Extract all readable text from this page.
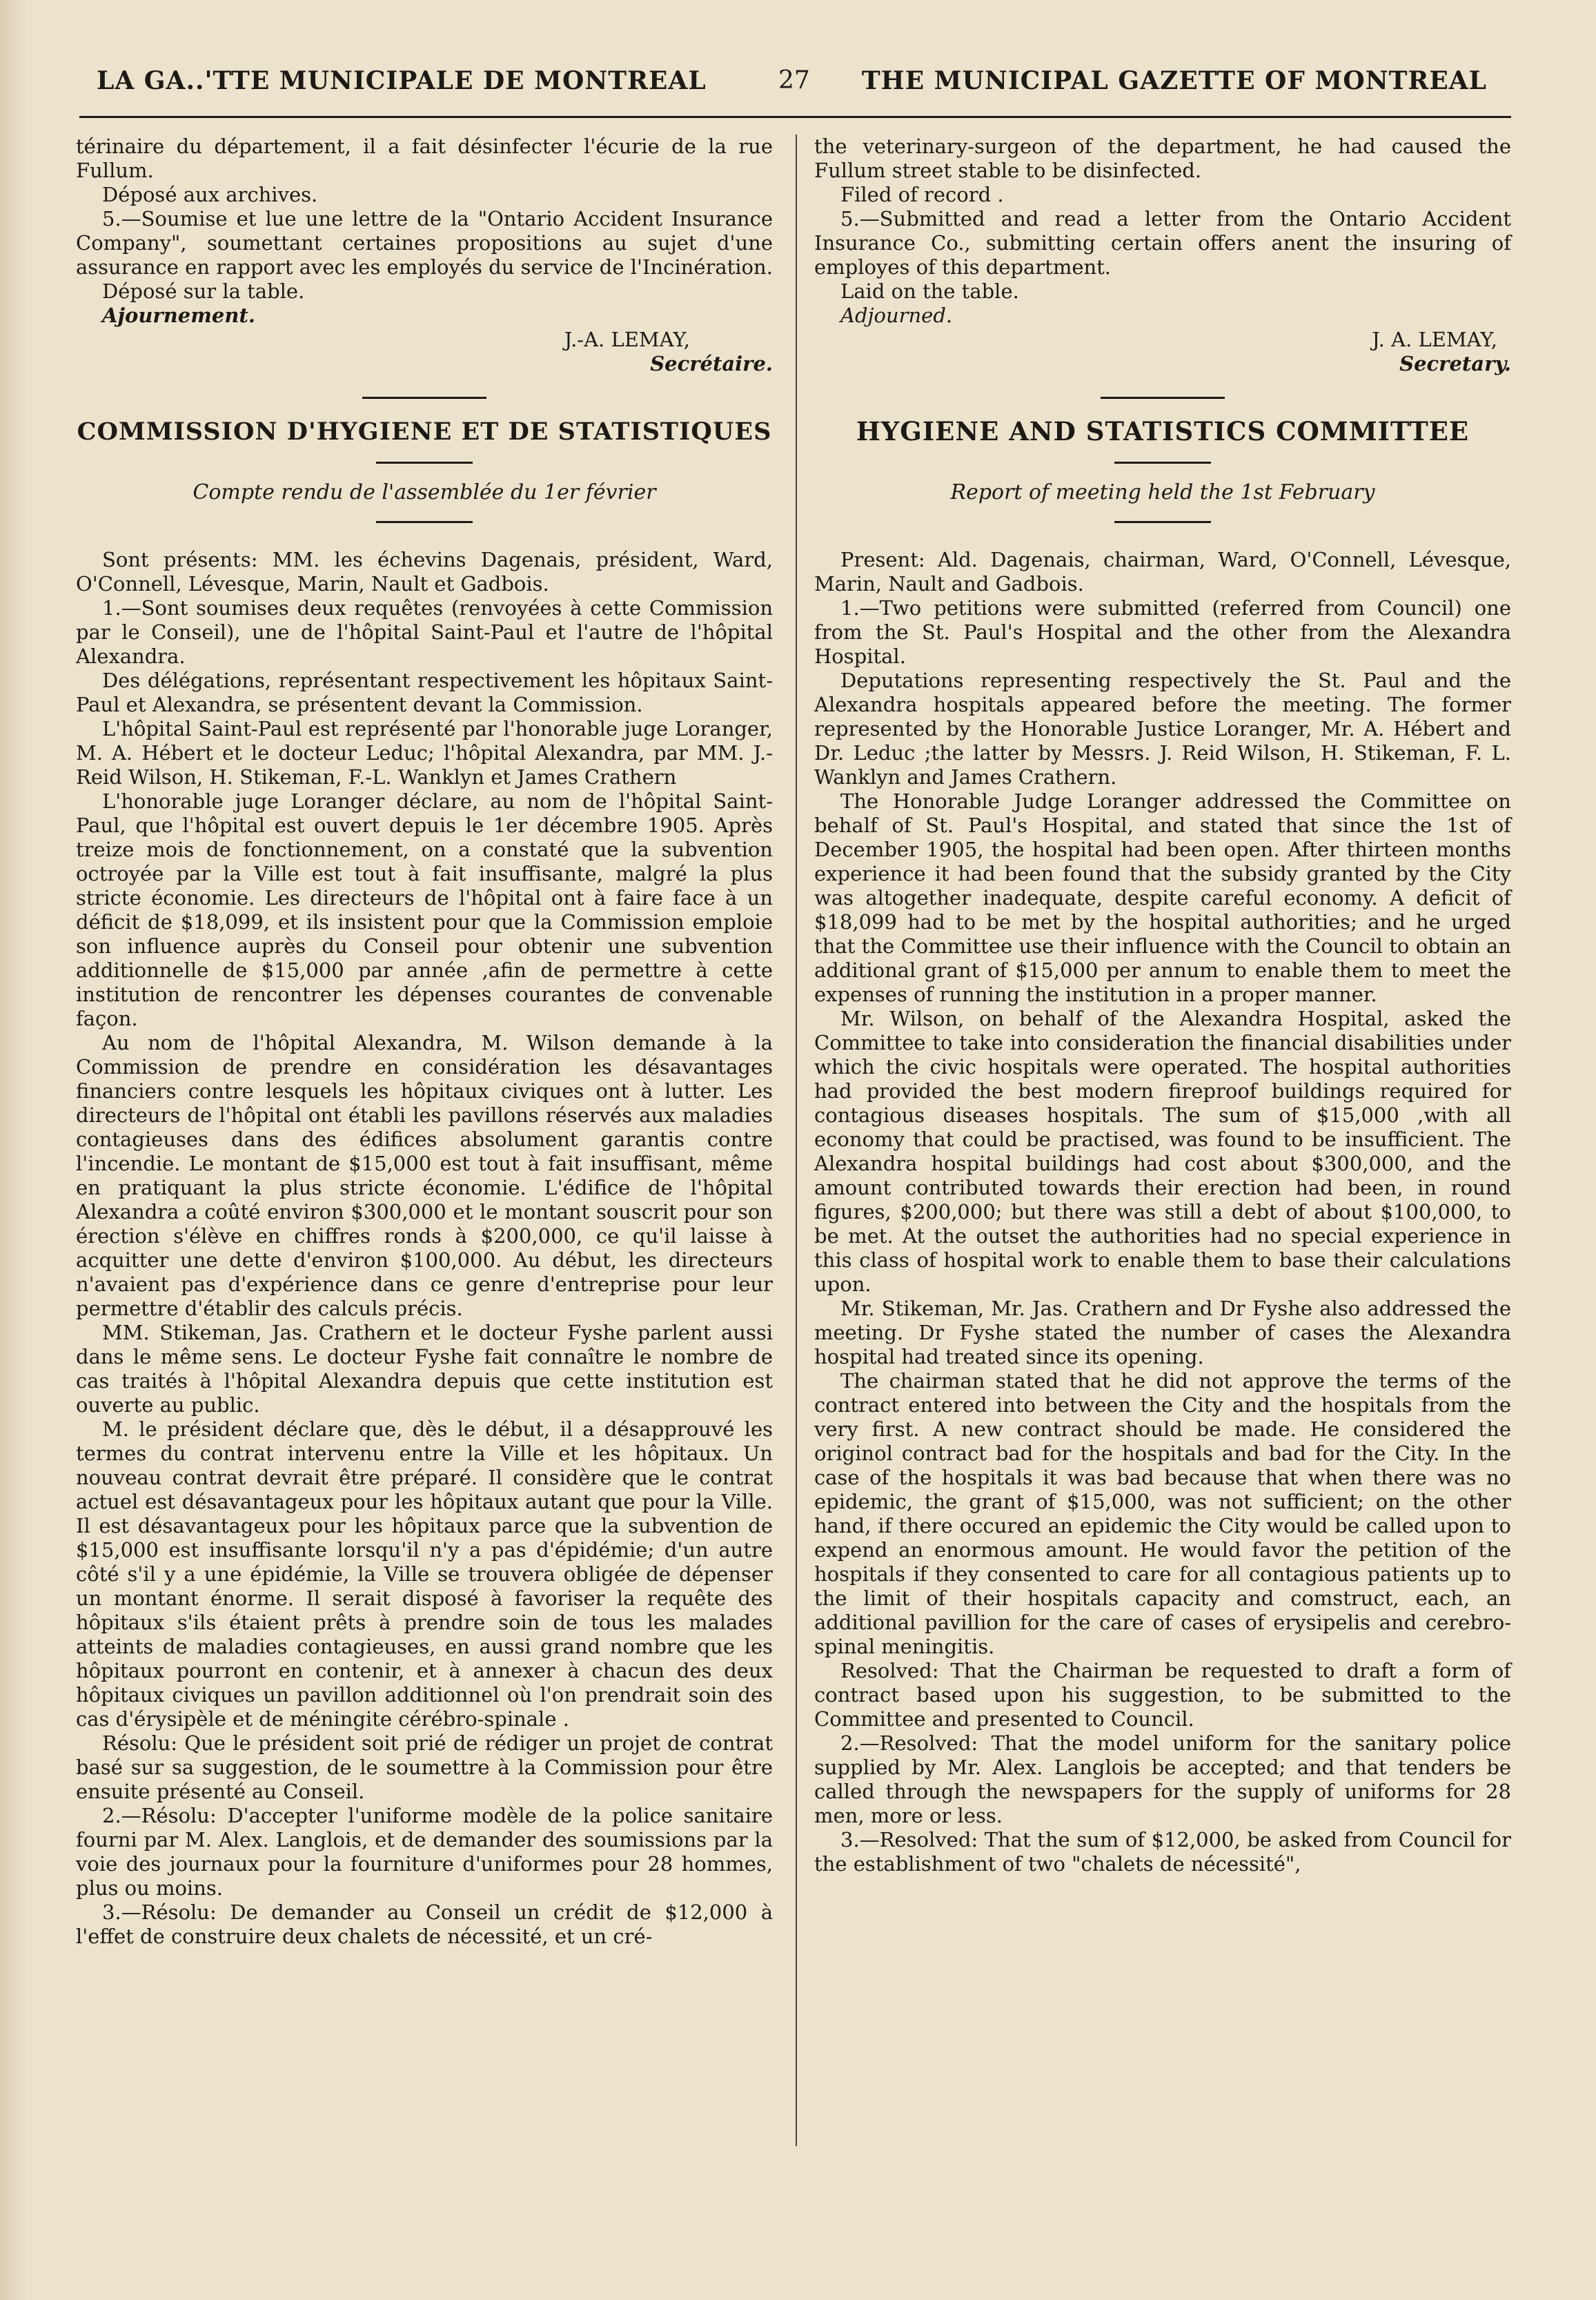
LA GA..'TTE MUNICIPALE DE MONTREAL	27 THE MUNICIPAL GAZETTE OF MONTREAL

térinaire du département, il a fait désinfecter l'écurie de la rue Fullum.

Déposé aux archives.

5.—Soumise et lue une lettre de la "Ontario Accident Insurance Company", soumettant certaines propositions au sujet d'une assurance en rapport avec les employés du service de l'Incinération.

Déposé sur la table.

Ajournement.

J.-A. LEMAY,
Secrétaire.
COMMISSION D'HYGIENE ET DE STATISTIQUES
Compte rendu de l'assemblée du 1er février

Sont présents: MM. les échevins Dagenais, président, Ward, O'Connell, Lévesque, Marin, Nault et Gadbois.

1.—Sont soumises deux requêtes (renvoyées à cette Commission par le Conseil), une de l'hôpital Saint-Paul et l'autre de l'hôpital Alexandra.

Des délégations, représentant respectivement les hôpitaux Saint-Paul et Alexandra, se présentent devant la Commission.

L'hôpital Saint-Paul est représenté par l'honorable juge Loranger, M. A. Hébert et le docteur Leduc; l'hôpital Alexandra, par MM. J.-Reid Wilson, H. Stikeman, F.-L. Wanklyn et James Crathern

L'honorable juge Loranger déclare, au nom de l'hôpital Saint-Paul, que l'hôpital est ouvert depuis le 1er décembre 1905. Après treize mois de fonctionnement, on a constaté que la subvention octroyée par la Ville est tout à fait insuffisante, malgré la plus stricte économie. Les directeurs de l'hôpital ont à faire face à un déficit de $18,099, et ils insistent pour que la Commission emploie son influence auprès du Conseil pour obtenir une subvention additionnelle de $15,000 par année ,afin de permettre à cette institution de rencontrer les dépenses courantes de convenable façon.

Au nom de l'hôpital Alexandra, M. Wilson demande à la Commission de prendre en considération les désavantages financiers contre lesquels les hôpitaux civiques ont à lutter. Les directeurs de l'hôpital ont établi les pavillons réservés aux maladies contagieuses dans des édifices absolument garantis contre l'incendie. Le montant de $15,000 est tout à fait insuffisant, même en pratiquant la plus stricte économie. L'édifice de l'hôpital Alexandra a coûté environ $300,000 et le montant souscrit pour son érection s'élève en chiffres ronds à $200,000, ce qu'il laisse à acquitter une dette d'environ $100,000. Au début, les directeurs n'avaient pas d'expérience dans ce genre d'entreprise pour leur permettre d'établir des calculs précis.

MM. Stikeman, Jas. Crathern et le docteur Fyshe parlent aussi dans le même sens. Le docteur Fyshe fait connaître le nombre de cas traités à l'hôpital Alexandra depuis que cette institution est ouverte au public.

M. le président déclare que, dès le début, il a désapprouvé les termes du contrat intervenu entre la Ville et les hôpitaux. Un nouveau contrat devrait être préparé. Il considère que le contrat actuel est désavantageux pour les hôpitaux autant que pour la Ville. Il est désavantageux pour les hôpitaux parce que la subvention de $15,000 est insuffisante lorsqu'il n'y a pas d'épidémie; d'un autre côté s'il y a une épidémie, la Ville se trouvera obligée de dépenser un montant énorme. Il serait disposé à favoriser la requête des hôpitaux s'ils étaient prêts à prendre soin de tous les malades atteints de maladies contagieuses, en aussi grand nombre que les hôpitaux pourront en contenir, et à annexer à chacun des deux hôpitaux civiques un pavillon additionnel où l'on prendrait soin des cas d'érysipèle et de méningite cérébro-spinale .

Résolu: Que le président soit prié de rédiger un projet de contrat basé sur sa suggestion, de le soumettre à la Commission pour être ensuite présenté au Conseil.

2.—Résolu: D'accepter l'uniforme modèle de la police sanitaire fourni par M. Alex. Langlois, et de demander des soumissions par la voie des journaux pour la fourniture d'uniformes pour 28 hommes, plus ou moins.

3.—Résolu: De demander au Conseil un crédit de $12,000 à l'effet de construire deux chalets de nécessité, et un cré-

the veterinary-surgeon of the department, he had caused the Fullum street stable to be disinfected.

Filed of record .

5.—Submitted and read a letter from the Ontario Accident Insurance Co., submitting certain offers anent the insuring of employes of this department.

Laid on the table.

Adjourned.

J. A. LEMAY,
Secretary.
HYGIENE AND STATISTICS COMMITTEE
Report of meeting held the 1st February

Present: Ald. Dagenais, chairman, Ward, O'Connell, Lévesque, Marin, Nault and Gadbois.

1.—Two petitions were submitted (referred from Council) one from the St. Paul's Hospital and the other from the Alexandra Hospital.

Deputations representing respectively the St. Paul and the Alexandra hospitals appeared before the meeting. The former represented by the Honorable Justice Loranger, Mr. A. Hébert and Dr. Leduc ;the latter by Messrs. J. Reid Wilson, H. Stikeman, F. L. Wanklyn and James Crathern.

The Honorable Judge Loranger addressed the Committee on behalf of St. Paul's Hospital, and stated that since the 1st of December 1905, the hospital had been open. After thirteen months experience it had been found that the subsidy granted by the City was altogether inadequate, despite careful economy. A deficit of $18,099 had to be met by the hospital authorities; and he urged that the Committee use their influence with the Council to obtain an additional grant of $15,000 per annum to enable them to meet the expenses of running the institution in a proper manner.

Mr. Wilson, on behalf of the Alexandra Hospital, asked the Committee to take into consideration the financial disabilities under which the civic hospitals were operated. The hospital authorities had provided the best modern fireproof buildings required for contagious diseases hospitals. The sum of $15,000 ,with all economy that could be practised, was found to be insufficient. The Alexandra hospital buildings had cost about $300,000, and the amount contributed towards their erection had been, in round figures, $200,000; but there was still a debt of about $100,000, to be met. At the outset the authorities had no special experience in this class of hospital work to enable them to base their calculations upon.

Mr. Stikeman, Mr. Jas. Crathern and Dr Fyshe also addressed the meeting. Dr Fyshe stated the number of cases the Alexandra hospital had treated since its opening.

The chairman stated that he did not approve the terms of the contract entered into between the City and the hospitals from the very first. A new contract should be made. He considered the originol contract bad for the hospitals and bad for the City. In the case of the hospitals it was bad because that when there was no epidemic, the grant of $15,000, was not sufficient; on the other hand, if there occured an epidemic the City would be called upon to expend an enormous amount. He would favor the petition of the hospitals if they consented to care for all contagious patients up to the limit of their hospitals capacity and comstruct, each, an additional pavillion for the care of cases of erysipelis and cerebro-spinal meningitis.

Resolved: That the Chairman be requested to draft a form of contract based upon his suggestion, to be submitted to the Committee and presented to Council.

2.—Resolved: That the model uniform for the sanitary police supplied by Mr. Alex. Langlois be accepted; and that tenders be called through the newspapers for the supply of uniforms for 28 men, more or less.

3.—Resolved: That the sum of $12,000, be asked from Council for the establishment of two "chalets de nécessité",
